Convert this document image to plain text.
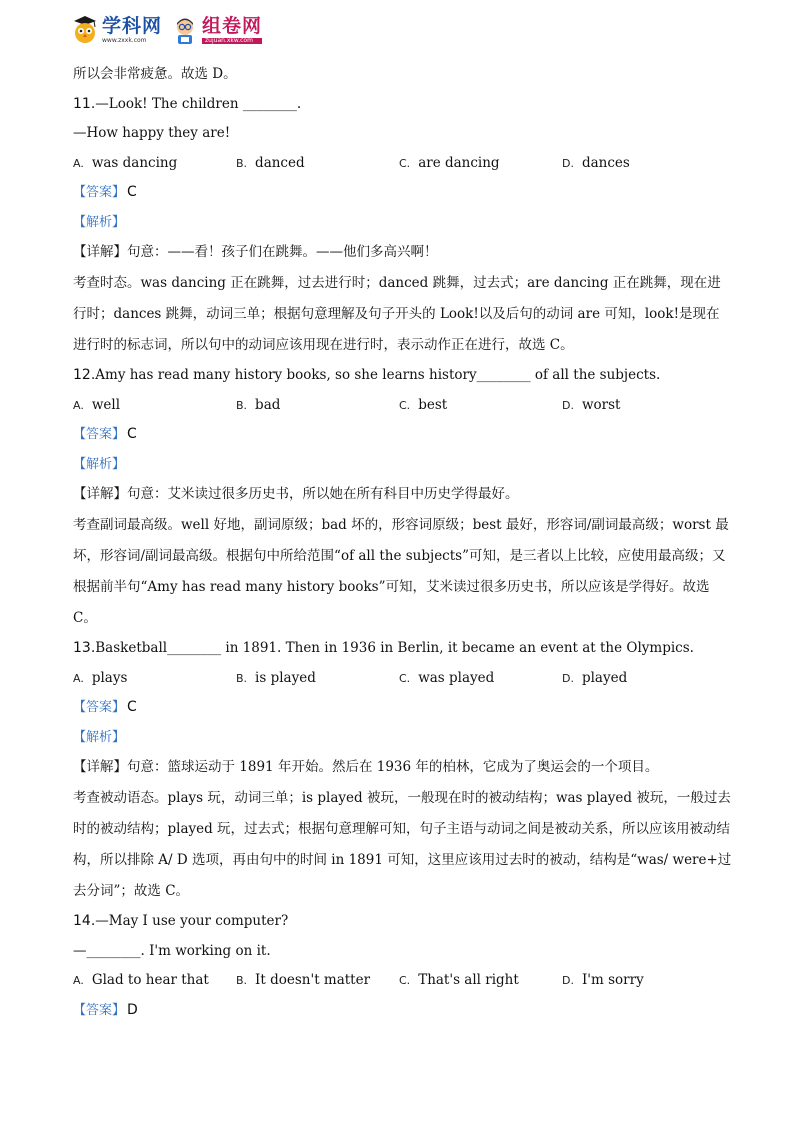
学科网
www.zxxk.com
组卷网
zujuan.xkw.com
所以会非常疲惫。故选 D。
11.—Look! The children ________.
—How happy they are!
A. was dancing	B. danced	C. are dancing	D. dances
【答案】 C
【解析】
【详解】句意：——看！孩子们在跳舞。——他们多高兴啊！
考查时态。was dancing 正在跳舞，过去进行时；danced 跳舞，过去式；are dancing 正在跳舞，现在进行时；dances 跳舞，动词三单；根据句意理解及句子开头的 Look!以及后句的动词 are 可知，look!是现在进行时的标志词，所以句中的动词应该用现在进行时，表示动作正在进行，故选 C。
12.Amy has read many history books, so she learns history________ of all the subjects.
A. well	B. bad	C. best	D. worst
【答案】 C
【解析】
【详解】句意：艾米读过很多历史书，所以她在所有科目中历史学得最好。
考查副词最高级。well 好地，副词原级；bad 坏的，形容词原级；best 最好，形容词/副词最高级；worst 最坏，形容词/副词最高级。根据句中所给范围“of all the subjects”可知，是三者以上比较，应使用最高级；又根据前半句“Amy has read many history books”可知，艾米读过很多历史书，所以应该是学得好。故选 C。
13.Basketball________ in 1891. Then in 1936 in Berlin, it became an event at the Olympics.
A. plays	B. is played	C. was played	D. played
【答案】 C
【解析】
【详解】句意：篮球运动于 1891 年开始。然后在 1936 年的柏林，它成为了奥运会的一个项目。
考查被动语态。plays 玩，动词三单；is played 被玩，一般现在时的被动结构；was played 被玩，一般过去时的被动结构；played 玩，过去式；根据句意理解可知，句子主语与动词之间是被动关系，所以应该用被动结构，所以排除 A/ D 选项，再由句中的时间 in 1891 可知，这里应该用过去时的被动，结构是“was/ were+过去分词”；故选 C。
14.—May I use your computer?
—________. I'm working on it.
A. Glad to hear that	B. It doesn't matter	C. That's all right	D. I'm sorry
【答案】 D
